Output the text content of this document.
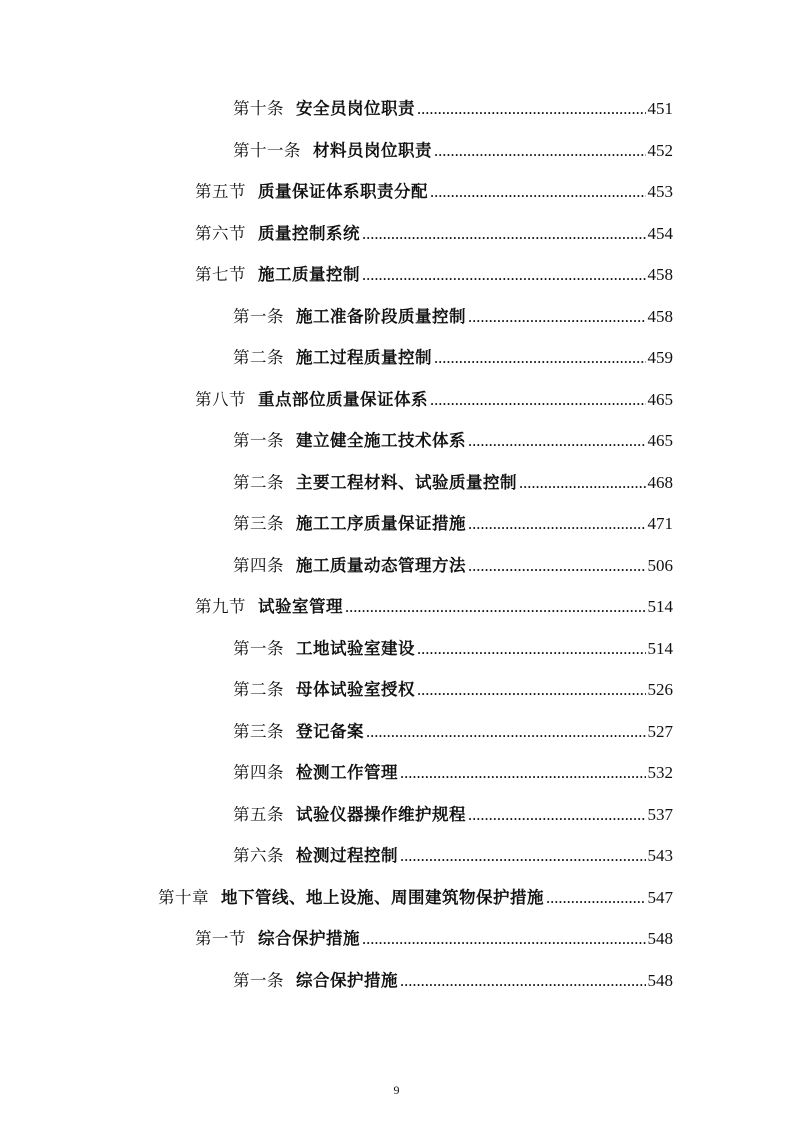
第十条 安全员岗位职责 .....	451
第十一条 材料员岗位职责 .....	452
第五节 质量保证体系职责分配 .....	453
第六节 质量控制系统 .....	454
第七节 施工质量控制 .....	458
第一条 施工准备阶段质量控制 .....	458
第二条 施工过程质量控制 .....	459
第八节 重点部位质量保证体系 .....	465
第一条 建立健全施工技术体系 .....	465
第二条 主要工程材料、试验质量控制 .....	468
第三条 施工工序质量保证措施 .....	471
第四条 施工质量动态管理方法 .....	506
第九节 试验室管理 .....	514
第一条 工地试验室建设 .....	514
第二条 母体试验室授权 .....	526
第三条 登记备案 .....	527
第四条 检测工作管理 .....	532
第五条 试验仪器操作维护规程 .....	537
第六条 检测过程控制 .....	543
第十章 地下管线、地上设施、周围建筑物保护措施 .....	547
第一节 综合保护措施 .....	548
第一条 综合保护措施 .....	548
9
